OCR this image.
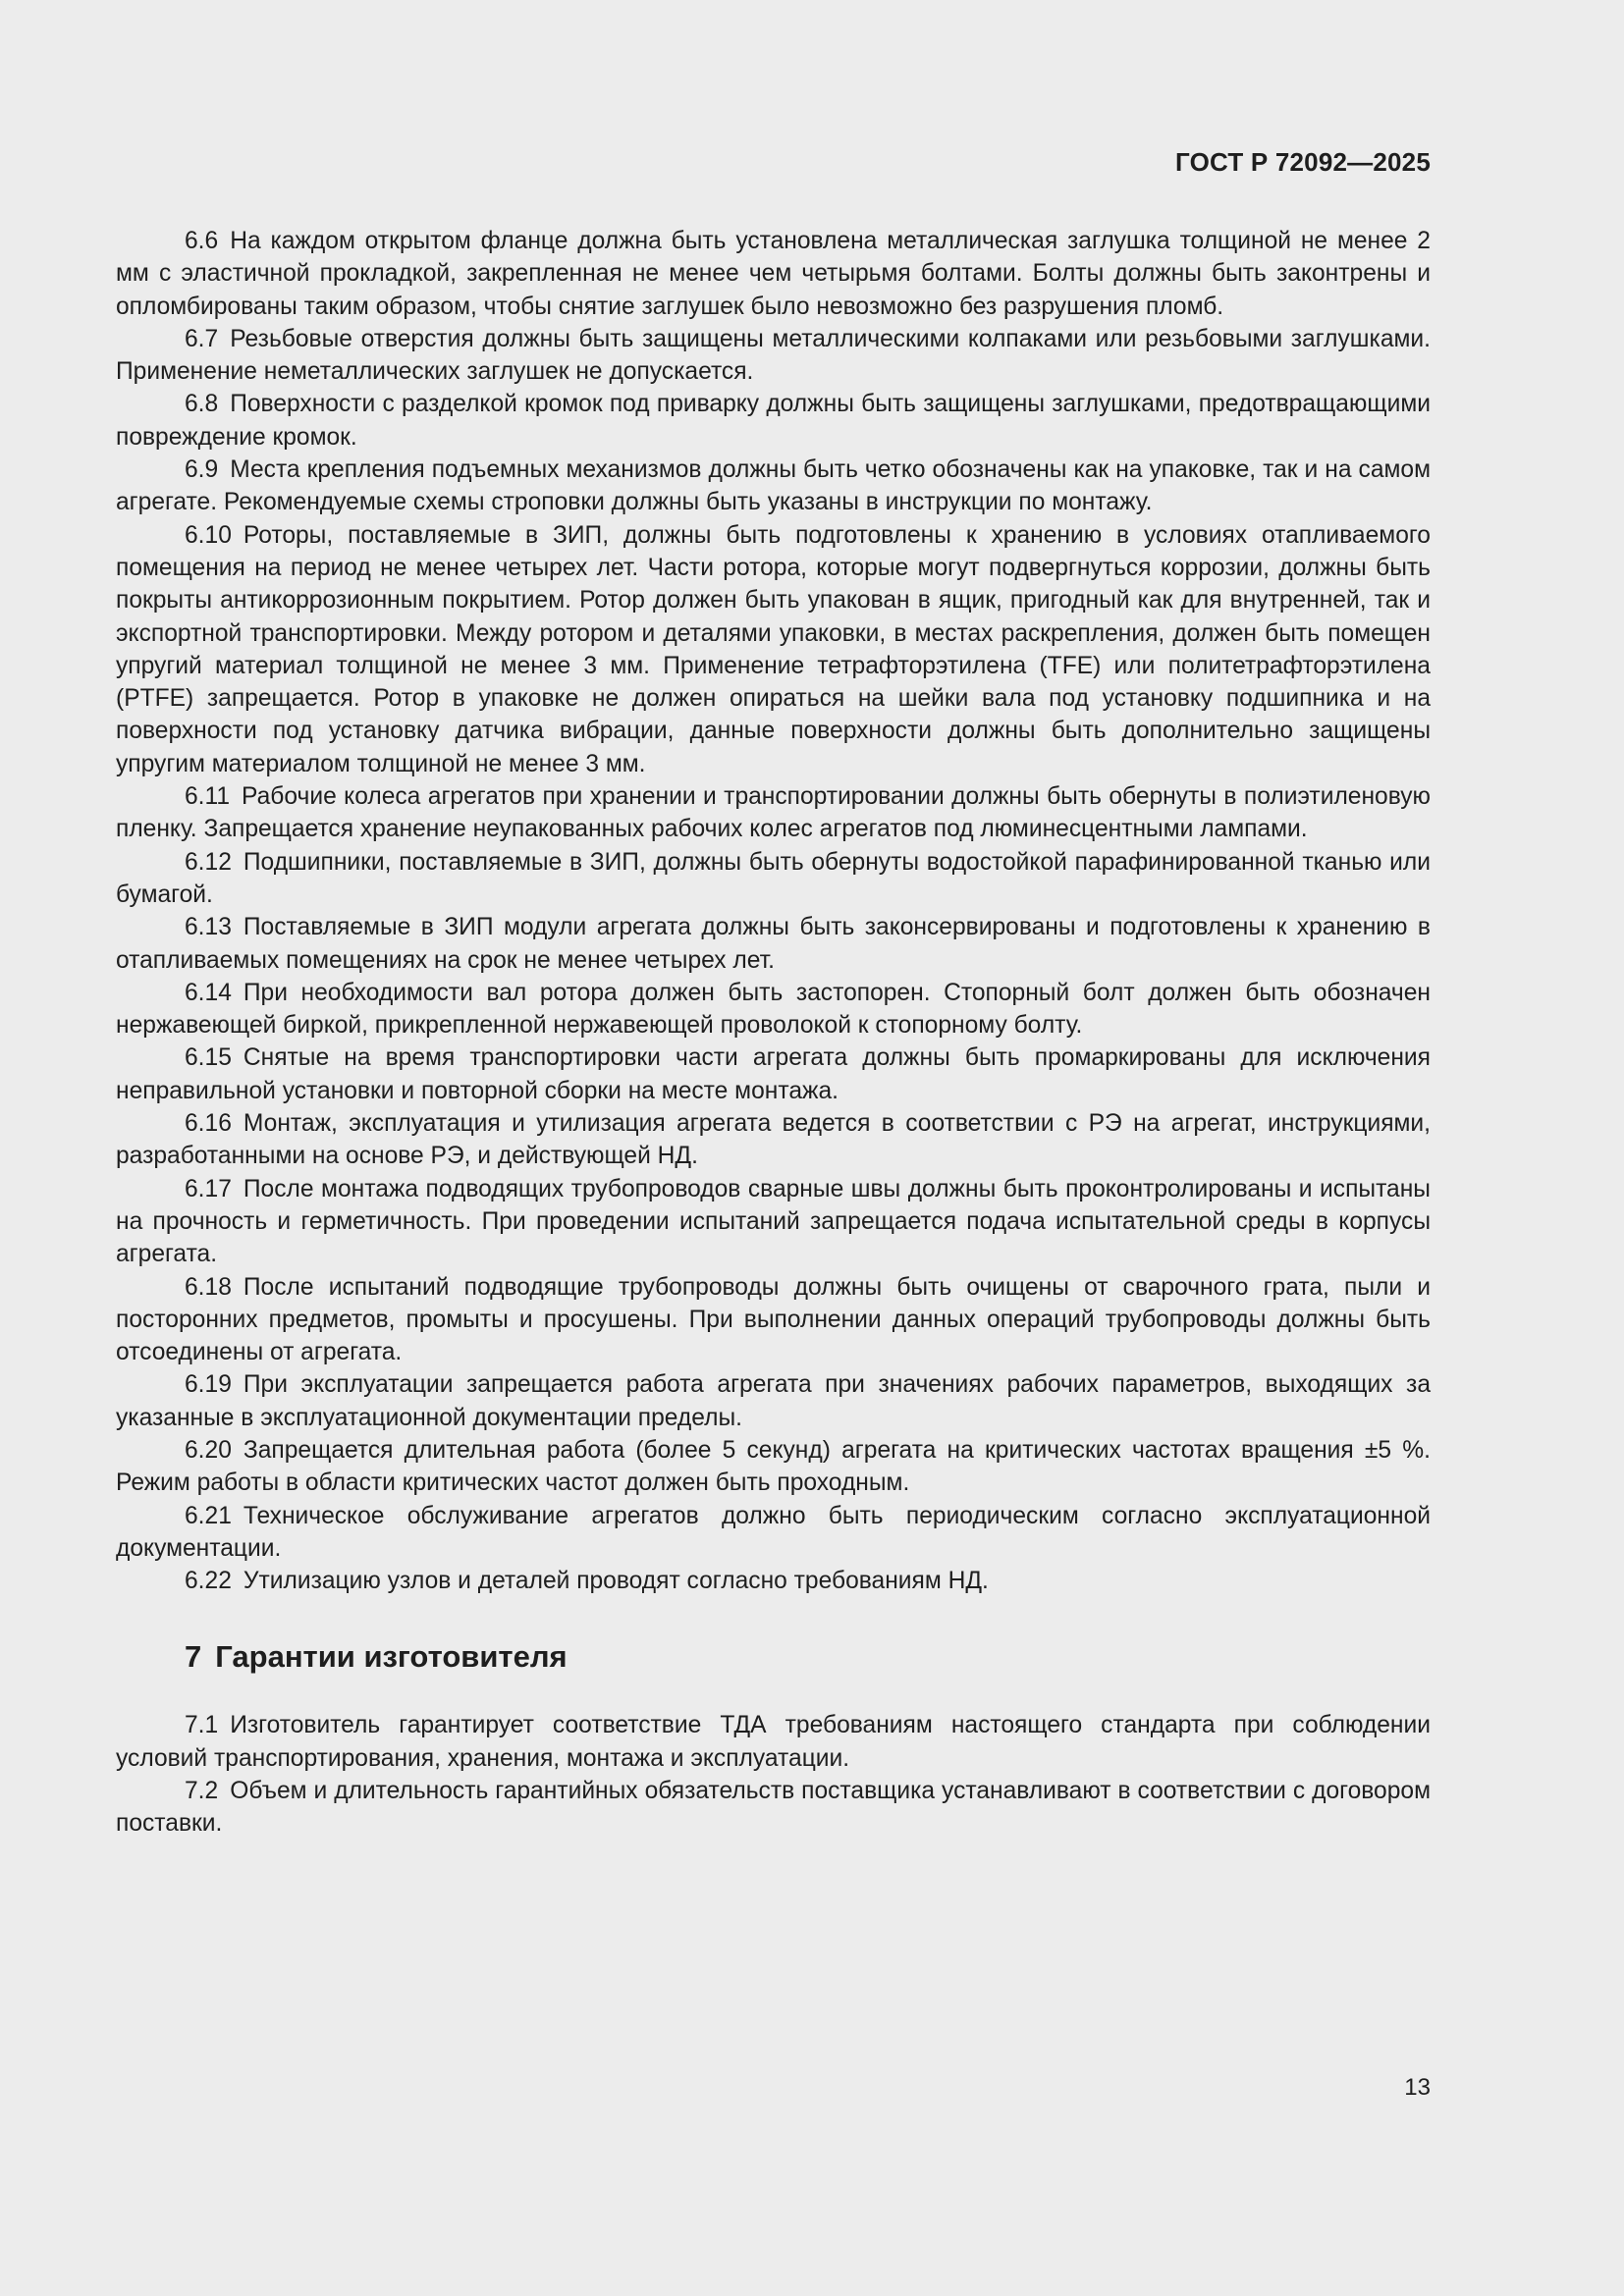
ГОСТ Р 72092—2025

6.6 На каждом открытом фланце должна быть установлена металлическая заглушка толщиной не менее 2 мм с эластичной прокладкой, закрепленная не менее чем четырьмя болтами. Болты должны быть законтрены и опломбированы таким образом, чтобы снятие заглушек было невозможно без разрушения пломб.

6.7 Резьбовые отверстия должны быть защищены металлическими колпаками или резьбовыми заглушками. Применение неметаллических заглушек не допускается.

6.8 Поверхности с разделкой кромок под приварку должны быть защищены заглушками, предотвращающими повреждение кромок.

6.9 Места крепления подъемных механизмов должны быть четко обозначены как на упаковке, так и на самом агрегате. Рекомендуемые схемы строповки должны быть указаны в инструкции по монтажу.

6.10 Роторы, поставляемые в ЗИП, должны быть подготовлены к хранению в условиях отапливаемого помещения на период не менее четырех лет. Части ротора, которые могут подвергнуться коррозии, должны быть покрыты антикоррозионным покрытием. Ротор должен быть упакован в ящик, пригодный как для внутренней, так и экспортной транспортировки. Между ротором и деталями упаковки, в местах раскрепления, должен быть помещен упругий материал толщиной не менее 3 мм. Применение тетрафторэтилена (TFE) или политетрафторэтилена (PTFE) запрещается. Ротор в упаковке не должен опираться на шейки вала под установку подшипника и на поверхности под установку датчика вибрации, данные поверхности должны быть дополнительно защищены упругим материалом толщиной не менее 3 мм.

6.11 Рабочие колеса агрегатов при хранении и транспортировании должны быть обернуты в полиэтиленовую пленку. Запрещается хранение неупакованных рабочих колес агрегатов под люминесцентными лампами.

6.12 Подшипники, поставляемые в ЗИП, должны быть обернуты водостойкой парафинированной тканью или бумагой.

6.13 Поставляемые в ЗИП модули агрегата должны быть законсервированы и подготовлены к хранению в отапливаемых помещениях на срок не менее четырех лет.

6.14 При необходимости вал ротора должен быть застопорен. Стопорный болт должен быть обозначен нержавеющей биркой, прикрепленной нержавеющей проволокой к стопорному болту.

6.15 Снятые на время транспортировки части агрегата должны быть промаркированы для исключения неправильной установки и повторной сборки на месте монтажа.

6.16 Монтаж, эксплуатация и утилизация агрегата ведется в соответствии с РЭ на агрегат, инструкциями, разработанными на основе РЭ, и действующей НД.

6.17 После монтажа подводящих трубопроводов сварные швы должны быть проконтролированы и испытаны на прочность и герметичность. При проведении испытаний запрещается подача испытательной среды в корпусы агрегата.

6.18 После испытаний подводящие трубопроводы должны быть очищены от сварочного грата, пыли и посторонних предметов, промыты и просушены. При выполнении данных операций трубопроводы должны быть отсоединены от агрегата.

6.19 При эксплуатации запрещается работа агрегата при значениях рабочих параметров, выходящих за указанные в эксплуатационной документации пределы.

6.20 Запрещается длительная работа (более 5 секунд) агрегата на критических частотах вращения ±5 %. Режим работы в области критических частот должен быть проходным.

6.21 Техническое обслуживание агрегатов должно быть периодическим согласно эксплуатационной документации.

6.22 Утилизацию узлов и деталей проводят согласно требованиям НД.

7 Гарантии изготовителя

7.1 Изготовитель гарантирует соответствие ТДА требованиям настоящего стандарта при соблюдении условий транспортирования, хранения, монтажа и эксплуатации.

7.2 Объем и длительность гарантийных обязательств поставщика устанавливают в соответствии с договором поставки.

13
